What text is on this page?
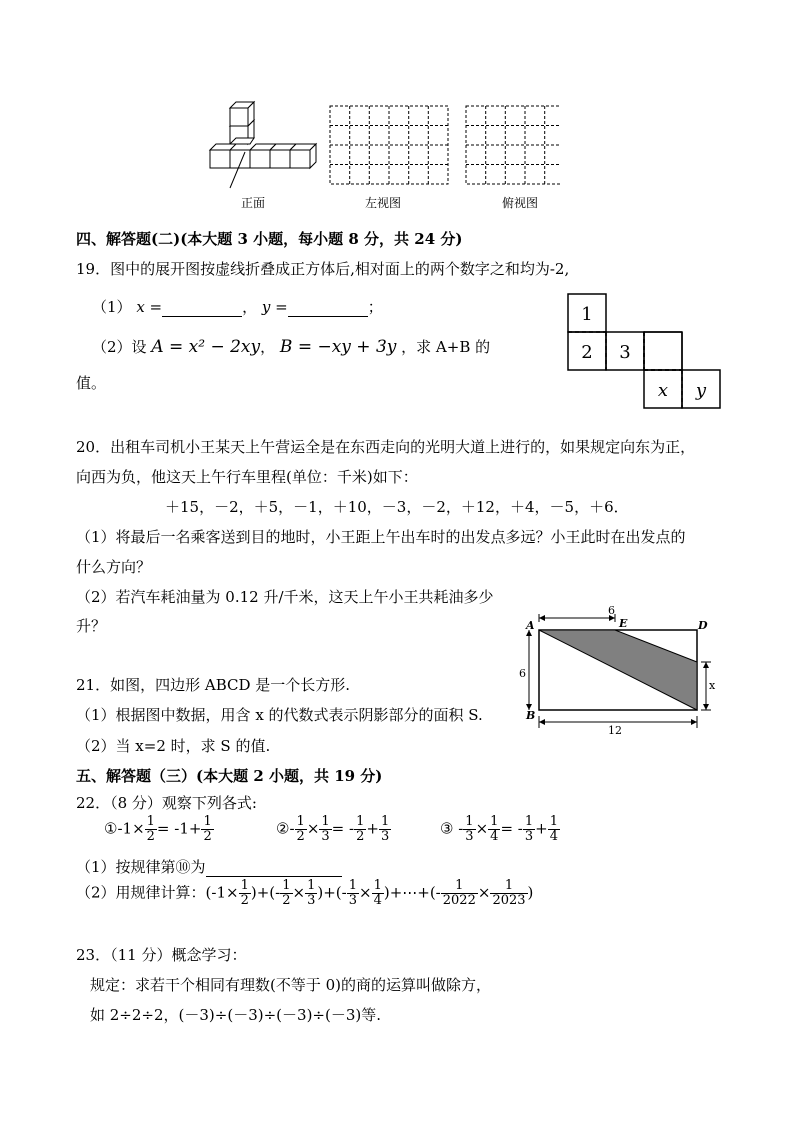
正面	左视图	俯视图
四、解答题(二)(本大题 3 小题，每小题 8 分，共 24 分)
19．图中的展开图按虚线折叠成正方体后,相对面上的两个数字之和均为-2,
（1） x =	， y =	；
（2）设 A = x² − 2xy， B = −xy + 3y ，求 A+B 的
值。
1
2 3
x y
20．出租车司机小王某天上午营运全是在东西走向的光明大道上进行的，如果规定向东为正，
向西为负，他这天上午行车里程(单位：千米)如下：
＋15，－2，＋5，－1，＋10，－3，－2，＋12，＋4，－5，＋6．
（1）将最后一名乘客送到目的地时，小王距上午出车时的出发点多远？小王此时在出发点的
什么方向？
（2）若汽车耗油量为 0.12 升/千米，这天上午小王共耗油多少
升？	A	E	D
B
6
6
x
12
21．如图，四边形 ABCD 是一个长方形.
（1）根据图中数据，用含 x 的代数式表示阴影部分的面积 S.
（2）当 x=2 时，求 S 的值.
五、解答题（三）(本大题 2 小题，共 19 分)
22．（8 分）观察下列各式:
①-1× $\frac{1}{2} = -1+ \frac{1}{2}$	②- $\frac{1}{2} \times \frac{1}{3}$ = - $\frac{1}{2} + \frac{1}{3}$	③ - $\frac{1}{3} \times \frac{1}{4}$ = - $\frac{1}{3} + \frac{1}{4}$
（1）按规律第⑩为
（2）用规律计算：($-1\times \frac{1}{2}$ )+(- $\frac{1}{2} \times \frac{1}{3}$ )+(- $\frac{1}{3} \times \frac{1}{4}$ )+⋯+(- $\frac{1}{2022} \times \frac{1}{2023}$ )
23．（11 分）概念学习：
规定：求若干个相同有理数(不等于 0)的商的运算叫做除方，
如 2÷2÷2，(－3)÷(－3)÷(－3)÷(－3)等.
